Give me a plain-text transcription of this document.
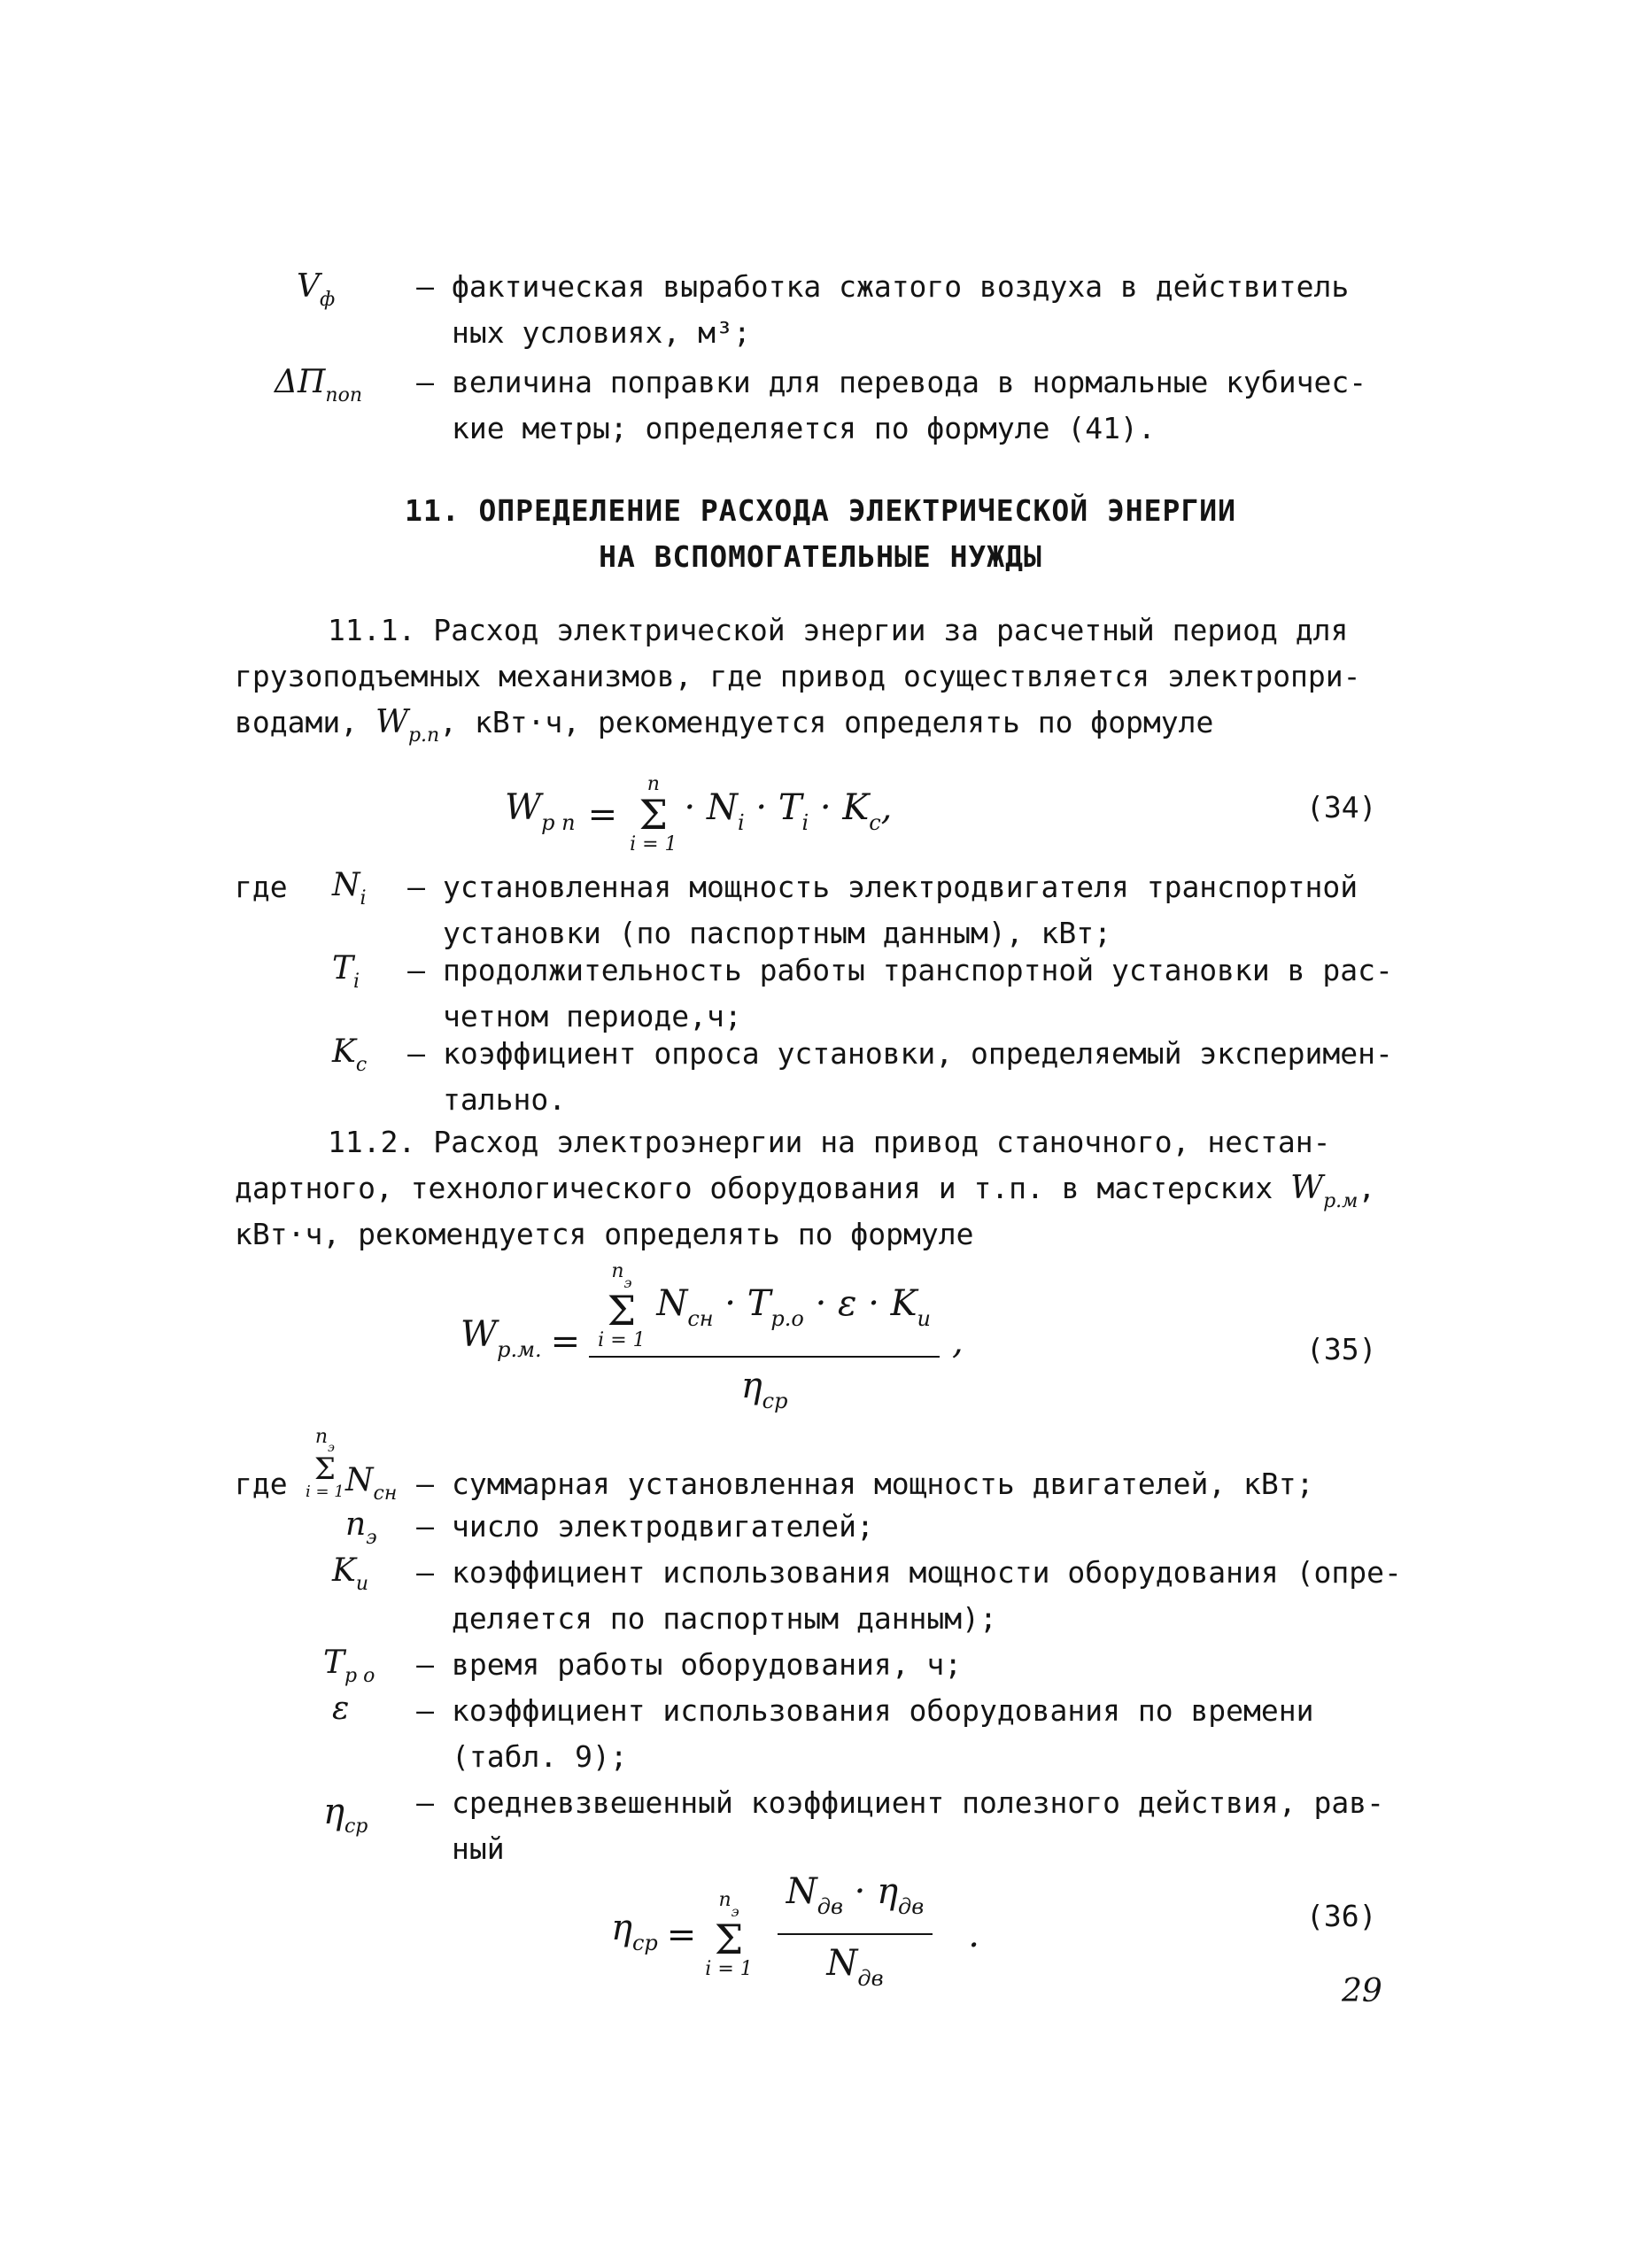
$V_ф$	– фактическая выработка сжатого воздуха в действитель
ных условиях, м³;
$\Delta П_{поп}$	– величина поправки для перевода в нормальные кубичес-
кие метры; определяется по формуле (41).
11. ОПРЕДЕЛЕНИЕ РАСХОДА ЭЛЕКТРИЧЕСКОЙ ЭНЕРГИИ
НА ВСПОМОГАТЕЛЬНЫЕ НУЖДЫ
11.1. Расход электрической энергии за расчетный период для
грузоподъемных механизмов, где привод осуществляется электропри-
водами, $W_{р.п}$, кВт·ч, рекомендуется определять по формуле
$W_{р п}$ =
n
Σ
i = 1
· $N_i \cdot T_i \cdot K_c$,	(34)
где $N_i$	– установленная мощность электродвигателя транспортной
установки (по паспортным данным), кВт;
$T_i$	– продолжительность работы транспортной установки в рас-
четном периоде,ч;
$K_c$	– коэффициент опроса установки, определяемый эксперимен-
тально.
11.2. Расход электроэнергии на привод станочного, нестан-
дартного, технологического оборудования и т.п. в мастерских $W_{р.м}$,
кВт·ч, рекомендуется определять по формуле
$W_{р.м.} = n_э$
Σ
i = 1
$N_{сн} \cdot T_{р.о} \cdot \varepsilon \cdot K_u$
$\eta_{ср}$ ,	(35)
где
$n_э$
Σ
i = 1 $N_{сн}$ – суммарная установленная мощность двигателей, кВт;
$n_э$	– число электродвигателей;
$K_u$	– коэффициент использования мощности оборудования (опре-
деляется по паспортным данным);
$T_{р о}$	– время работы оборудования, ч;
ε	– коэффициент использования оборудования по времени
(табл. 9);
$\eta_{ср}$
– средневзвешенный коэффициент полезного действия, рав-
ный
$\eta_{ср}$ =
$n_э$
Σ
$i = 1 \frac{N_{дв} \cdot \eta_{дв}}{N_{дв}}$ .	(36)
29
